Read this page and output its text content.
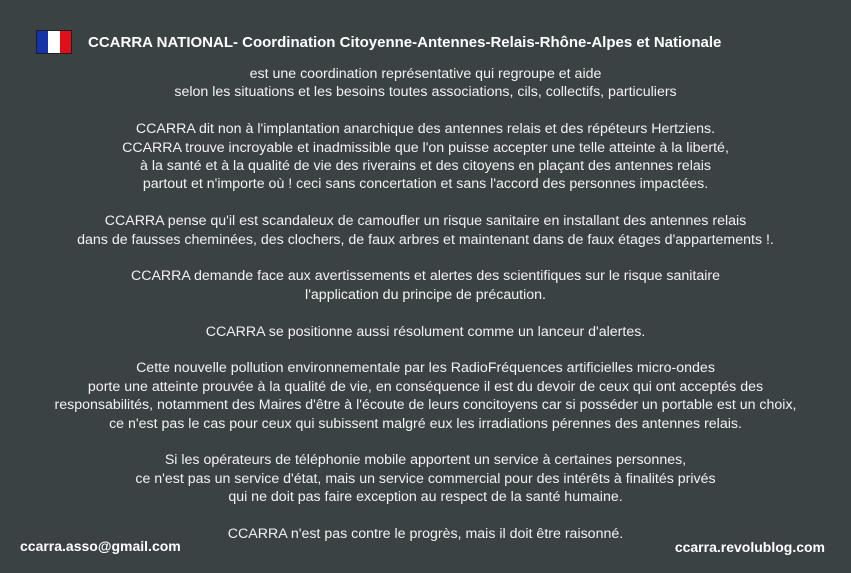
CCARRA NATIONAL- Coordination Citoyenne-Antennes-Relais-Rhône-Alpes et Nationale

est une coordination représentative qui regroupe et aide
selon les situations et les besoins toutes associations, cils, collectifs, particuliers

CCARRA dit non à l'implantation anarchique des antennes relais et des répéteurs Hertziens.
CCARRA trouve incroyable et inadmissible que l'on puisse accepter une telle atteinte à la liberté,
à la santé et à la qualité de vie des riverains et des citoyens en plaçant des antennes relais
partout et n'importe où ! ceci sans concertation et sans l'accord des personnes impactées.

CCARRA pense qu'il est scandaleux de camoufler un risque sanitaire en installant des antennes relais
dans de fausses cheminées, des clochers, de faux arbres et maintenant dans de faux étages d'appartements !.

CCARRA demande face aux avertissements et alertes des scientifiques sur le risque sanitaire
l'application du principe de précaution.

CCARRA se positionne aussi résolument comme un lanceur d'alertes.

Cette nouvelle pollution environnementale par les RadioFréquences artificielles micro-ondes
porte une atteinte prouvée à la qualité de vie, en conséquence il est du devoir de ceux qui ont acceptés des
responsabilités, notamment des Maires d'être à l'écoute de leurs concitoyens car si posséder un portable est un choix,
ce n'est pas le cas pour ceux qui subissent malgré eux les irradiations pérennes des antennes relais.

Si les opérateurs de téléphonie mobile apportent un service à certaines personnes,
ce n'est pas un service d'état, mais un service commercial pour des intérêts à finalités privés
qui ne doit pas faire exception au respect de la santé humaine.

CCARRA n'est pas contre le progrès, mais il doit être raisonné.

ccarra.asso@gmail.com	ccarra.revolublog.com
